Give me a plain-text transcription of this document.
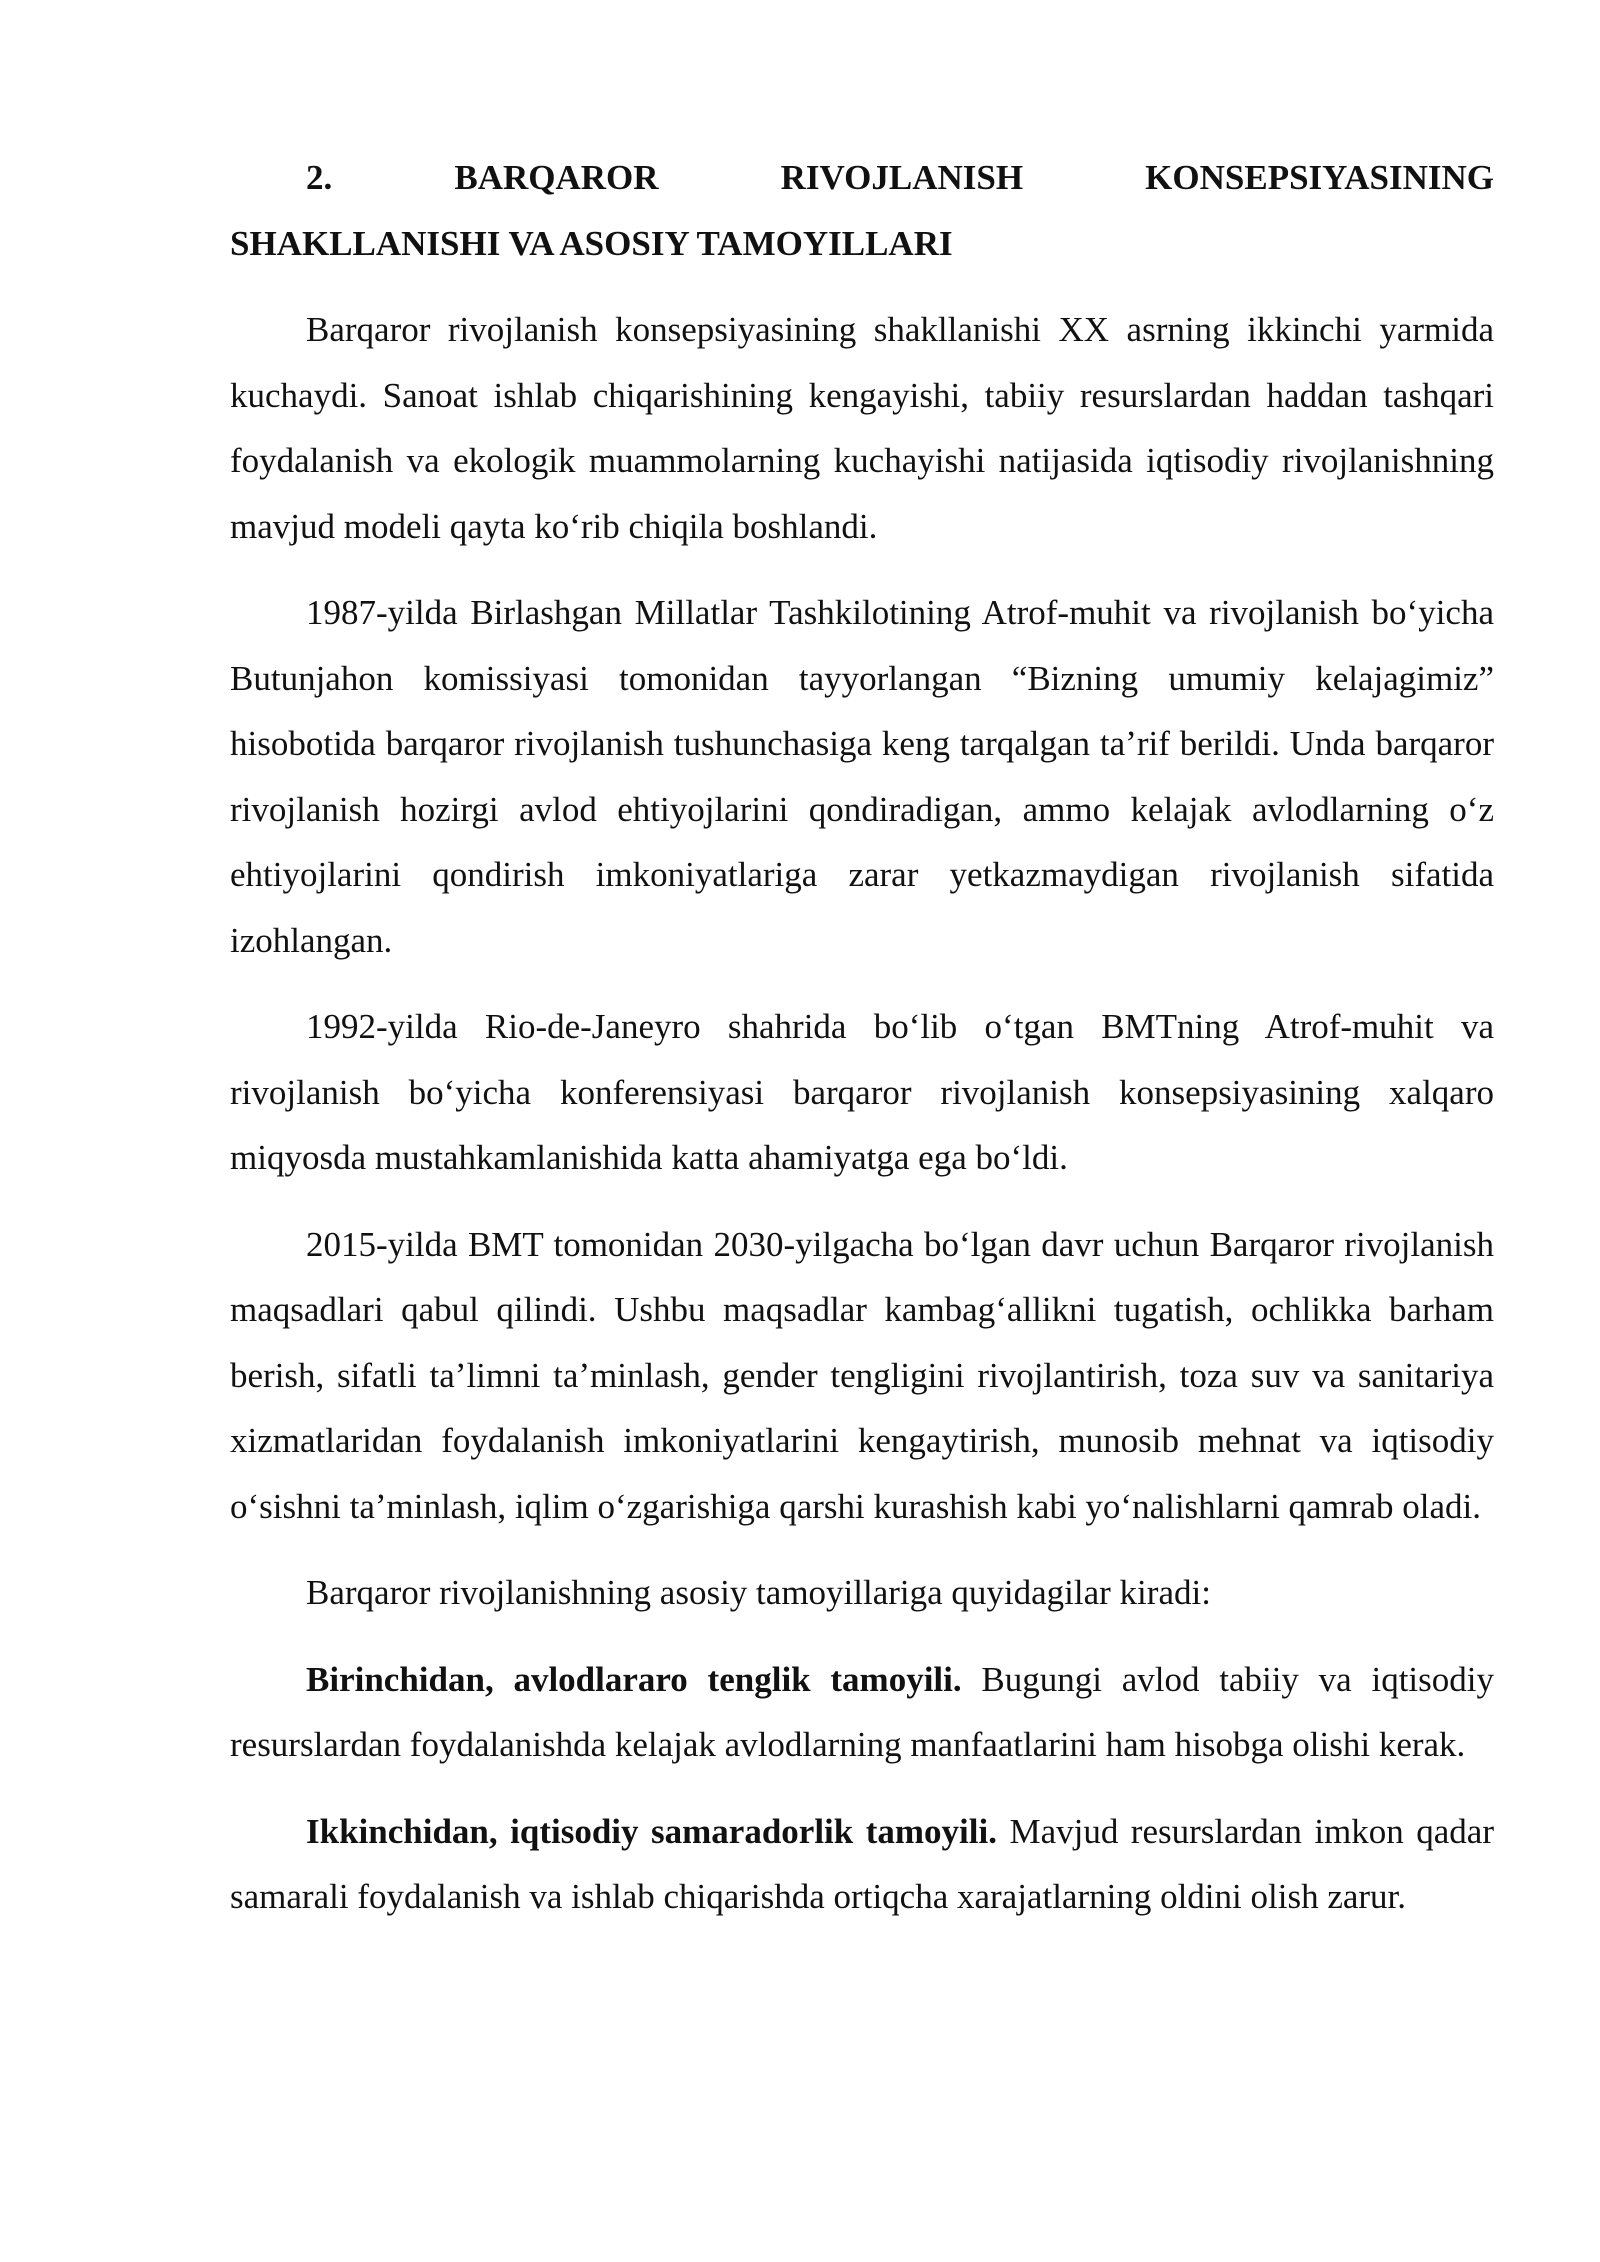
2.	BARQAROR	RIVOJLANISH	KONSEPSIYASINING
SHAKLLANISHI VA ASOSIY TAMOYILLARI

Barqaror rivojlanish konsepsiyasining shakllanishi XX asrning ikkinchi yarmida kuchaydi. Sanoat ishlab chiqarishining kengayishi, tabiiy resurslardan haddan tashqari foydalanish va ekologik muammolarning kuchayishi natijasida iqtisodiy rivojlanishning mavjud modeli qayta koʻrib chiqila boshlandi.

1987-yilda Birlashgan Millatlar Tashkilotining Atrof-muhit va rivojlanish boʻyicha Butunjahon komissiyasi tomonidan tayyorlangan “Bizning umumiy kelajagimiz” hisobotida barqaror rivojlanish tushunchasiga keng tarqalgan taʼrif berildi. Unda barqaror rivojlanish hozirgi avlod ehtiyojlarini qondiradigan, ammo kelajak avlodlarning oʻz ehtiyojlarini qondirish imkoniyatlariga zarar yetkazmaydigan rivojlanish sifatida izohlangan.

1992-yilda Rio-de-Janeyro shahrida boʻlib oʻtgan BMTning Atrof-muhit va rivojlanish boʻyicha konferensiyasi barqaror rivojlanish konsepsiyasining xalqaro miqyosda mustahkamlanishida katta ahamiyatga ega boʻldi.

2015-yilda BMT tomonidan 2030-yilgacha boʻlgan davr uchun Barqaror rivojlanish maqsadlari qabul qilindi. Ushbu maqsadlar kambagʻallikni tugatish, ochlikka barham berish, sifatli taʼlimni taʼminlash, gender tengligini rivojlantirish, toza suv va sanitariya xizmatlaridan foydalanish imkoniyatlarini kengaytirish, munosib mehnat va iqtisodiy oʻsishni taʼminlash, iqlim oʻzgarishiga qarshi kurashish kabi yoʻnalishlarni qamrab oladi.

Barqaror rivojlanishning asosiy tamoyillariga quyidagilar kiradi:

Birinchidan, avlodlararo tenglik tamoyili. Bugungi avlod tabiiy va iqtisodiy resurslardan foydalanishda kelajak avlodlarning manfaatlarini ham hisobga olishi kerak.

Ikkinchidan, iqtisodiy samaradorlik tamoyili. Mavjud resurslardan imkon qadar samarali foydalanish va ishlab chiqarishda ortiqcha xarajatlarning oldini olish zarur.
